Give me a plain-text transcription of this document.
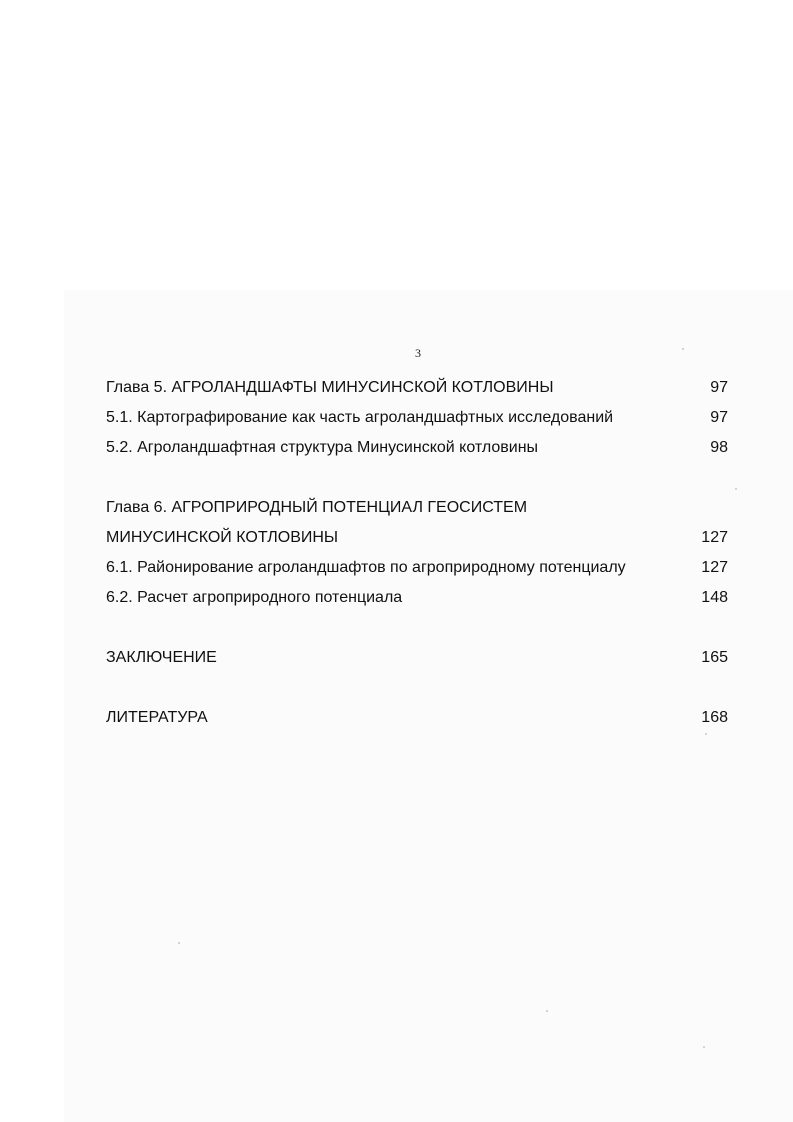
3
Глава 5. АГРОЛАНДШАФТЫ МИНУСИНСКОЙ КОТЛОВИНЫ	97
5.1. Картографирование как часть агроландшафтных исследований	97
5.2. Агроландшафтная структура Минусинской котловины	98
Глава 6. АГРОПРИРОДНЫЙ ПОТЕНЦИАЛ ГЕОСИСТЕМ
МИНУСИНСКОЙ КОТЛОВИНЫ	127
6.1. Районирование агроландшафтов по агроприродному потенциалу	127
6.2. Расчет агроприродного потенциала	148
ЗАКЛЮЧЕНИЕ	165
ЛИТЕРАТУРА	168
